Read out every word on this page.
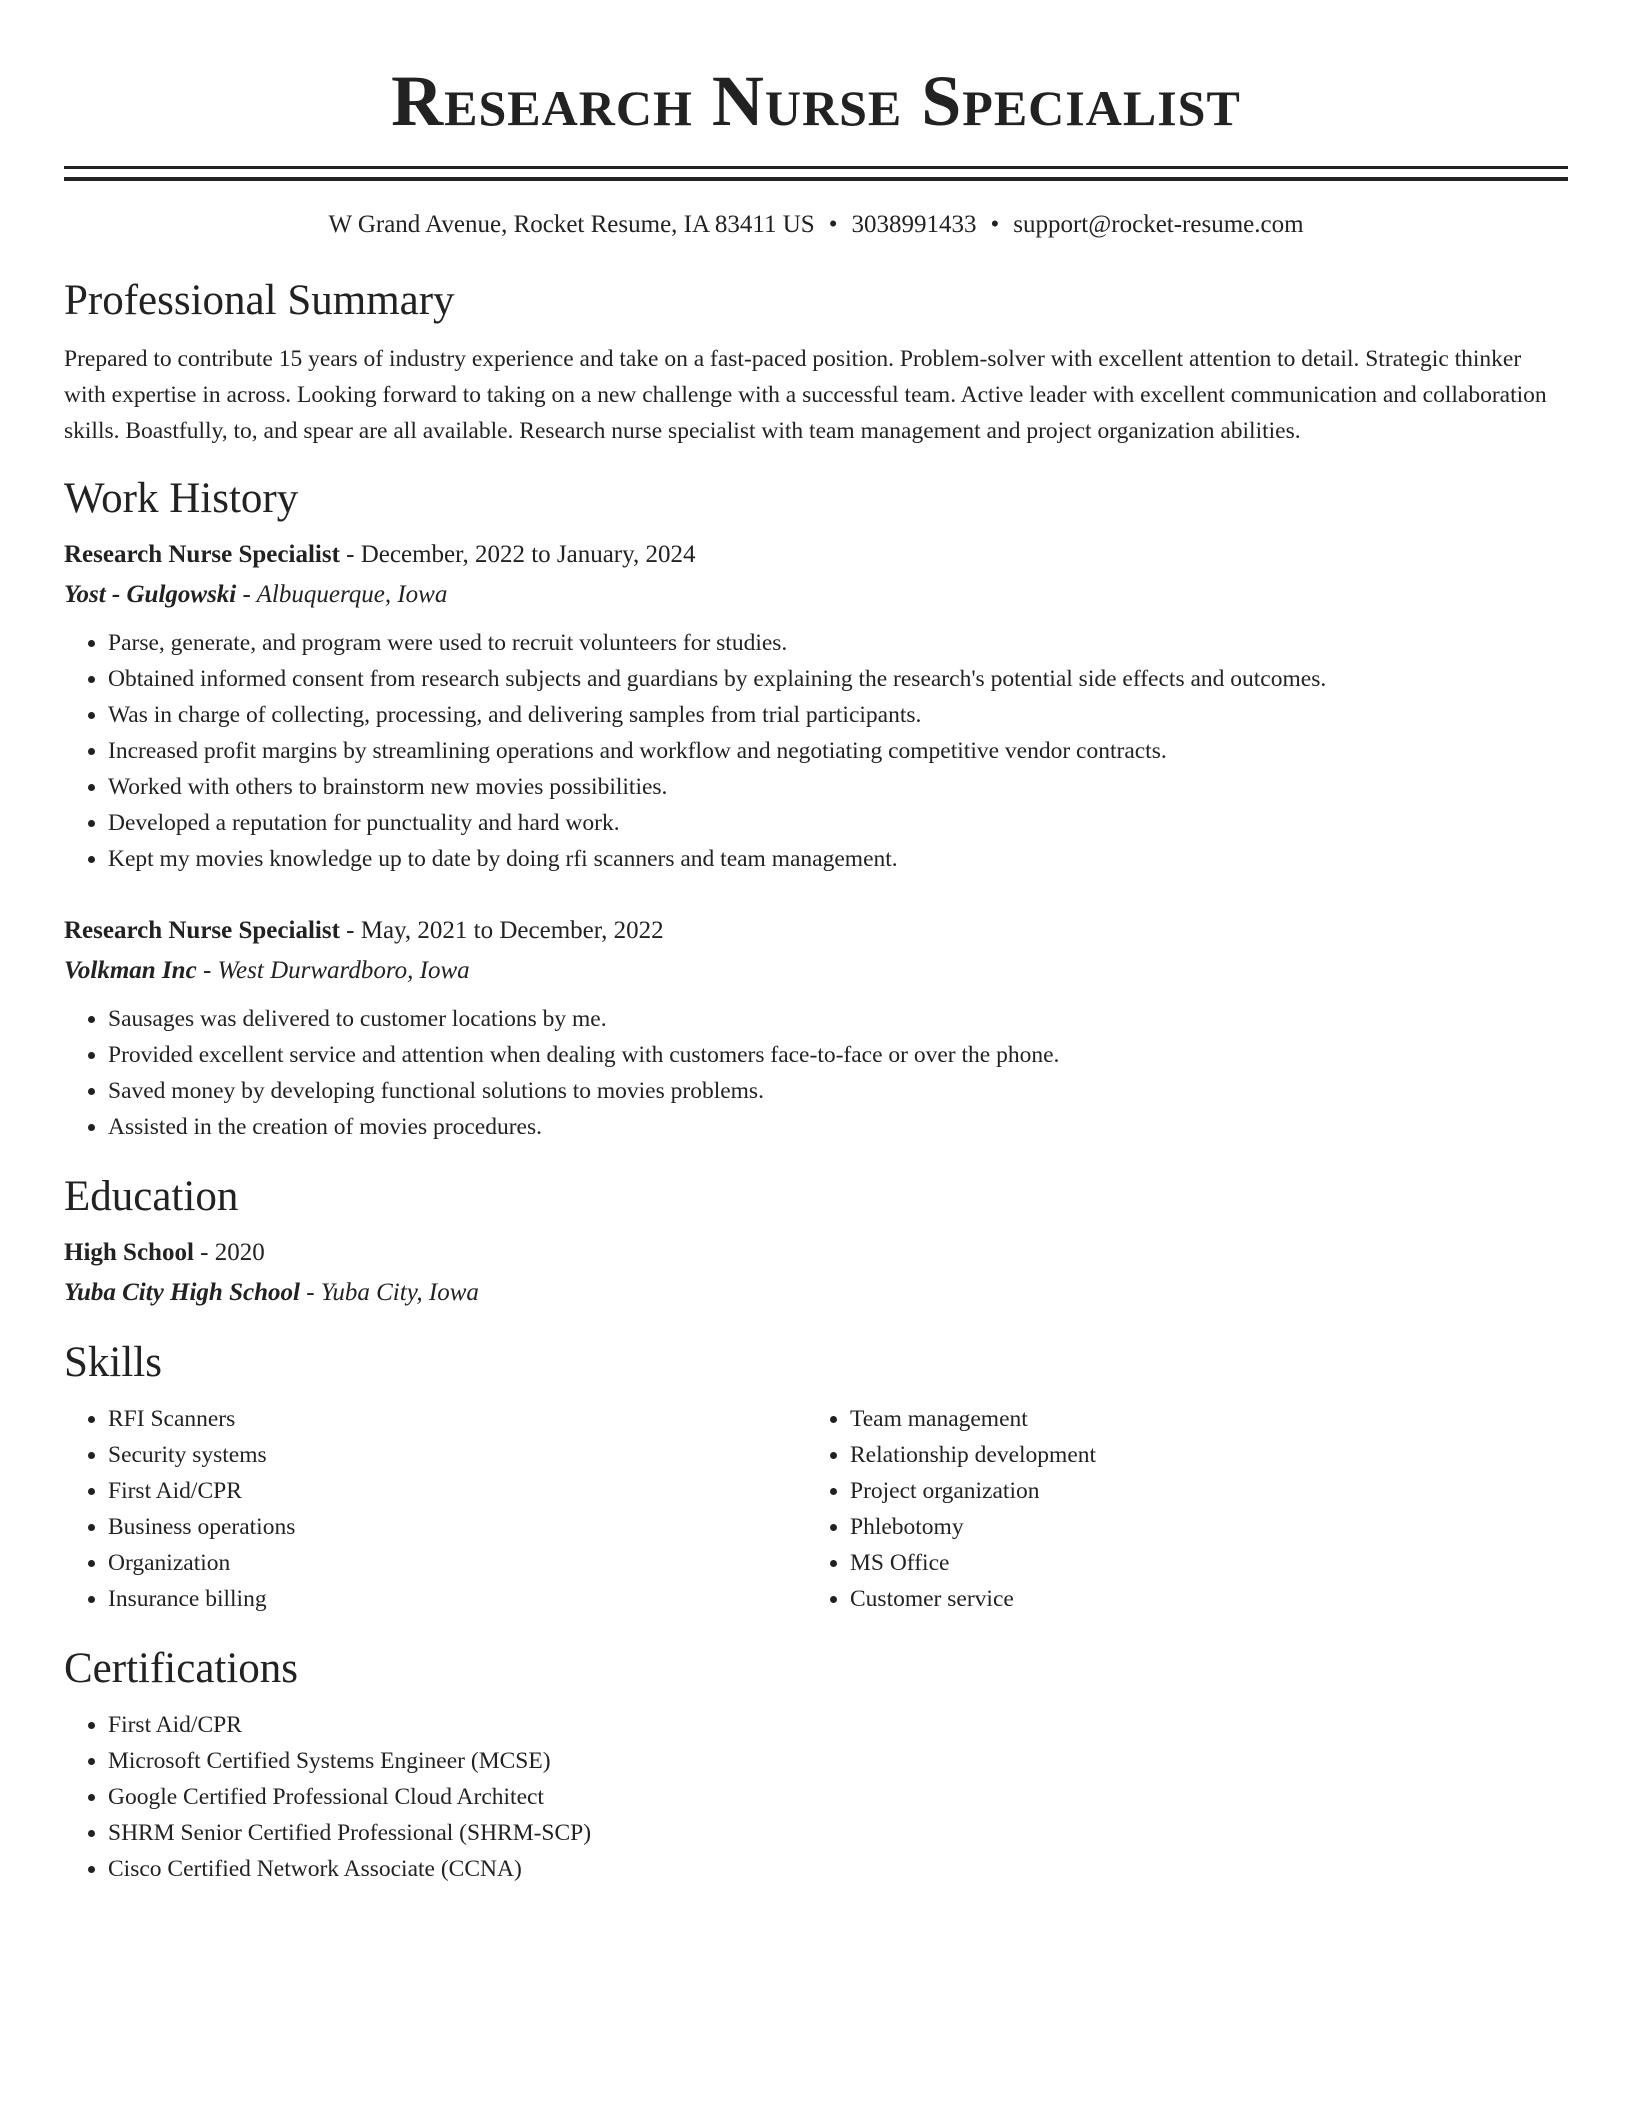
Research Nurse Specialist
W Grand Avenue, Rocket Resume, IA 83411 US • 3038991433 • support@rocket-resume.com
Professional Summary
Prepared to contribute 15 years of industry experience and take on a fast-paced position. Problem-solver with excellent attention to detail. Strategic thinker with expertise in across. Looking forward to taking on a new challenge with a successful team. Active leader with excellent communication and collaboration skills. Boastfully, to, and spear are all available. Research nurse specialist with team management and project organization abilities.
Work History
Research Nurse Specialist - December, 2022 to January, 2024
Yost - Gulgowski - Albuquerque, Iowa
• Parse, generate, and program were used to recruit volunteers for studies.
• Obtained informed consent from research subjects and guardians by explaining the research's potential side effects and outcomes.
• Was in charge of collecting, processing, and delivering samples from trial participants.
• Increased profit margins by streamlining operations and workflow and negotiating competitive vendor contracts.
• Worked with others to brainstorm new movies possibilities.
• Developed a reputation for punctuality and hard work.
• Kept my movies knowledge up to date by doing rfi scanners and team management.
Research Nurse Specialist - May, 2021 to December, 2022
Volkman Inc - West Durwardboro, Iowa
• Sausages was delivered to customer locations by me.
• Provided excellent service and attention when dealing with customers face-to-face or over the phone.
• Saved money by developing functional solutions to movies problems.
• Assisted in the creation of movies procedures.
Education
High School - 2020
Yuba City High School - Yuba City, Iowa
Skills
• RFI Scanners
• Security systems
• First Aid/CPR
• Business operations
• Organization
• Insurance billing
• Team management
• Relationship development
• Project organization
• Phlebotomy
• MS Office
• Customer service
Certifications
• First Aid/CPR
• Microsoft Certified Systems Engineer (MCSE)
• Google Certified Professional Cloud Architect
• SHRM Senior Certified Professional (SHRM-SCP)
• Cisco Certified Network Associate (CCNA)
